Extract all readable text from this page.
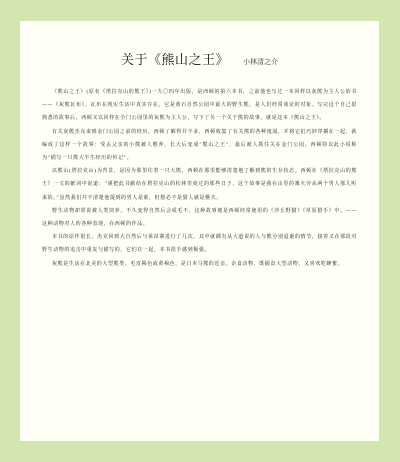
关于《熊山之王》 小林清之介

《熊山之王》(原名《塔拉克山的熊王》)一九〇四年出版，是西顿的第六本书，之前他也写过一本同样以灰熊为主人公的书——《灰熊瓦布》。瓦布在现实生活中真实存在，它是黄石自然公园中最大的野生熊，是人们经常谈论的对象。写完这个自己很熟悉的故事后，西顿又以同样在全门公园里的灰熊为主人公，写下了另一个关于熊的故事，就是这本《熊山之王》。

有关灰熊杰克来到金门公园之前的经历，西顿了解得并不多，西顿收集了有关熊的各种逸闻，并将它们巧妙穿插在一起，就编成了这样一个故事：受丢父亲的小熊被人喂养，长大后变成“熊山之王”，最后被人抓住关在金门公园。西顿特以此小说称为“描写一只熊大半生经历的传记”。

以熊山(塔拉克山)为背景，是因为那里住着一只大熊，西顿在那里能够清楚地了解到熊的生存状态。西顿在《塔拉克山的熊王》一文的献词中说道：“谨把此书献给在塔拉克山的松林里度过的那些日子，这个故事是我在山里的篝火旁从两个男人那儿听来的。”虽然我们并不清楚他提到的男人是谁，但想必不是猎人就是樵夫。

野生动物却常说被人类饲养，不久变得自然后会成毛不，这种故事便是西顿经常使用的《沙丘野猫》《草原猎手》中。——这种动物对人的各种表现，在西顿的作品。

本书的原作很长，杰克回到大自然后与莱昂寨进行了几次，其中就插有从大道说的人与熊分别退避的情节，接着又在那段对野生动物的追击中重复与描写的，它们在一起，本书很手感到极强。

灰熊是生活在北美的大型熊类，毛皮褐色或黄褐色，是日本马熊的近亲。杂食动物，既捕食大型动物，又喜欢吃蜂蜜。
